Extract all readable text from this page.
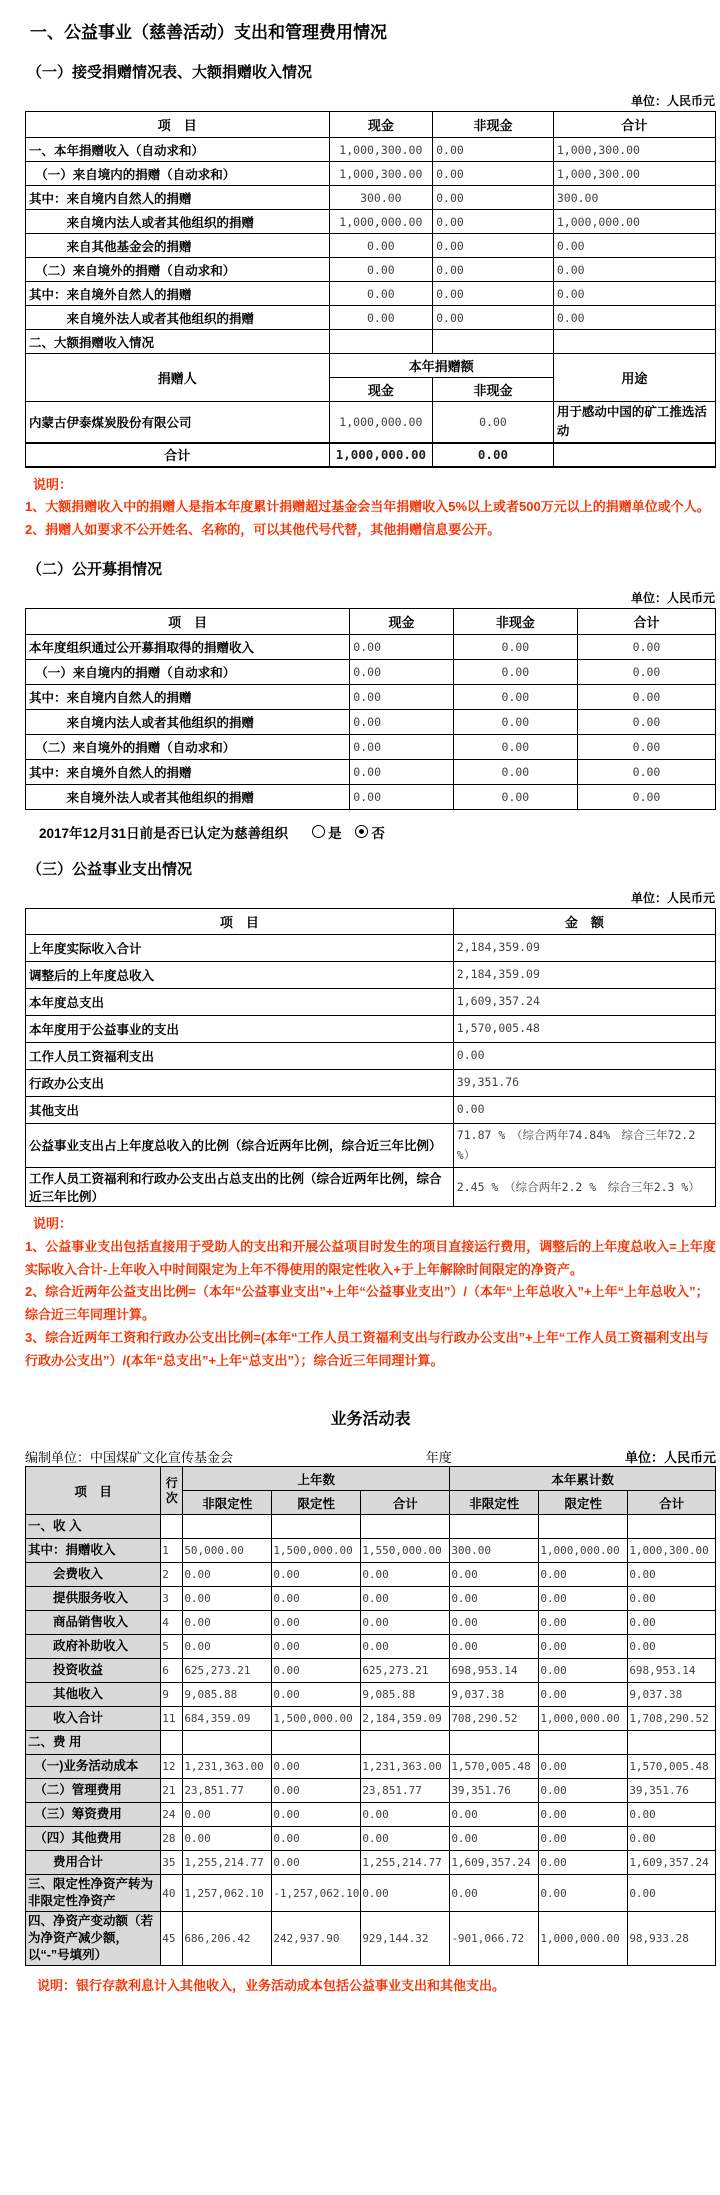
一、公益事业（慈善活动）支出和管理费用情况
（一）接受捐赠情况表、大额捐赠收入情况
单位：人民币元
项　目	现金	非现金	合计
一、本年捐赠收入（自动求和）	1,000,300.00	0.00	1,000,300.00
　（一）来自境内的捐赠（自动求和）	1,000,300.00	0.00	1,000,300.00
其中：来自境内自然人的捐赠	300.00	0.00	300.00
　　　来自境内法人或者其他组织的捐赠	1,000,000.00	0.00	1,000,000.00
　　　来自其他基金会的捐赠	0.00	0.00	0.00
　（二）来自境外的捐赠（自动求和）	0.00	0.00	0.00
其中：来自境外自然人的捐赠	0.00	0.00	0.00
　　　来自境外法人或者其他组织的捐赠	0.00	0.00	0.00
二、大额捐赠收入情况			
捐赠人	本年捐赠额		用途
	现金	非现金	
内蒙古伊泰煤炭股份有限公司	1,000,000.00	0.00	用于感动中国的矿工推选活动
合计	1,000,000.00	0.00	
说明：
1、大额捐赠收入中的捐赠人是指本年度累计捐赠超过基金会当年捐赠收入5%以上或者500万元以上的捐赠单位或个人。
2、捐赠人如要求不公开姓名、名称的，可以其他代号代替，其他捐赠信息要公开。
（二）公开募捐情况
单位：人民币元
项　目	现金	非现金	合计
本年度组织通过公开募捐取得的捐赠收入	0.00	0.00	0.00
　（一）来自境内的捐赠（自动求和）	0.00	0.00	0.00
其中：来自境内自然人的捐赠	0.00	0.00	0.00
　　　来自境内法人或者其他组织的捐赠	0.00	0.00	0.00
　（二）来自境外的捐赠（自动求和）	0.00	0.00	0.00
其中：来自境外自然人的捐赠	0.00	0.00	0.00
　　　来自境外法人或者其他组织的捐赠	0.00	0.00	0.00
2017年12月31日前是否已认定为慈善组织	是
否
（三）公益事业支出情况
单位：人民币元
项　目	金　额
上年度实际收入合计	2,184,359.09
调整后的上年度总收入	2,184,359.09
本年度总支出	1,609,357.24
本年度用于公益事业的支出	1,570,005.48
工作人员工资福利支出	0.00
行政办公支出	39,351.76
其他支出	0.00
公益事业支出占上年度总收入的比例（综合近两年比例，综合近三年比例）	71.87 %　（综合两年74.84%　综合三年72.2 %）
工作人员工资福利和行政办公支出占总支出的比例（综合近两年比例，综合近三年比例）	2.45 %　（综合两年2.2 %　综合三年2.3 %）
说明：
1、公益事业支出包括直接用于受助人的支出和开展公益项目时发生的项目直接运行费用，调整后的上年度总收入=上年度实际收入合计-上年收入中时间限定为上年不得使用的限定性收入+于上年解除时间限定的净资产。
2、综合近两年公益支出比例=（本年“公益事业支出”+上年“公益事业支出”）/（本年“上年总收入”+上年“上年总收入”；综合近三年同理计算。
3、综合近两年工资和行政办公支出比例=(本年“工作人员工资福利支出与行政办公支出”+上年“工作人员工资福利支出与行政办公支出”）/(本年“总支出”+上年“总支出”）；综合近三年同理计算。
业务活动表
编制单位：中国煤矿文化宣传基金会	年度	单位：人民币元
项　目	行次	上年数			本年累计数		
		非限定性	限定性	合计	非限定性	限定性	合计
一、收 入							
其中：捐赠收入	1	50,000.00	1,500,000.00	1,550,000.00	300.00	1,000,000.00	1,000,300.00
　　会费收入	2	0.00	0.00	0.00	0.00	0.00	0.00
　　提供服务收入	3	0.00	0.00	0.00	0.00	0.00	0.00
　　商品销售收入	4	0.00	0.00	0.00	0.00	0.00	0.00
　　政府补助收入	5	0.00	0.00	0.00	0.00	0.00	0.00
　　投资收益	6	625,273.21	0.00	625,273.21	698,953.14	0.00	698,953.14
　　其他收入	9	9,085.88	0.00	9,085.88	9,037.38	0.00	9,037.38
　　收入合计	11	684,359.09	1,500,000.00	2,184,359.09	708,290.52	1,000,000.00	1,708,290.52
二、费 用							
　（一)业务活动成本	12	1,231,363.00	0.00	1,231,363.00	1,570,005.48	0.00	1,570,005.48
　（二）管理费用	21	23,851.77	0.00	23,851.77	39,351.76	0.00	39,351.76
　（三）筹资费用	24	0.00	0.00	0.00	0.00	0.00	0.00
　（四）其他费用	28	0.00	0.00	0.00	0.00	0.00	0.00
　　费用合计	35	1,255,214.77	0.00	1,255,214.77	1,609,357.24	0.00	1,609,357.24
三、限定性净资产转为非限定性净资产	40	1,257,062.10	-1,257,062.10	0.00	0.00	0.00	0.00
四、净资产变动额（若为净资产减少额，以“-”号填列）	45	686,206.42	242,937.90	929,144.32	-901,066.72	1,000,000.00	98,933.28
说明：银行存款利息计入其他收入，业务活动成本包括公益事业支出和其他支出。
